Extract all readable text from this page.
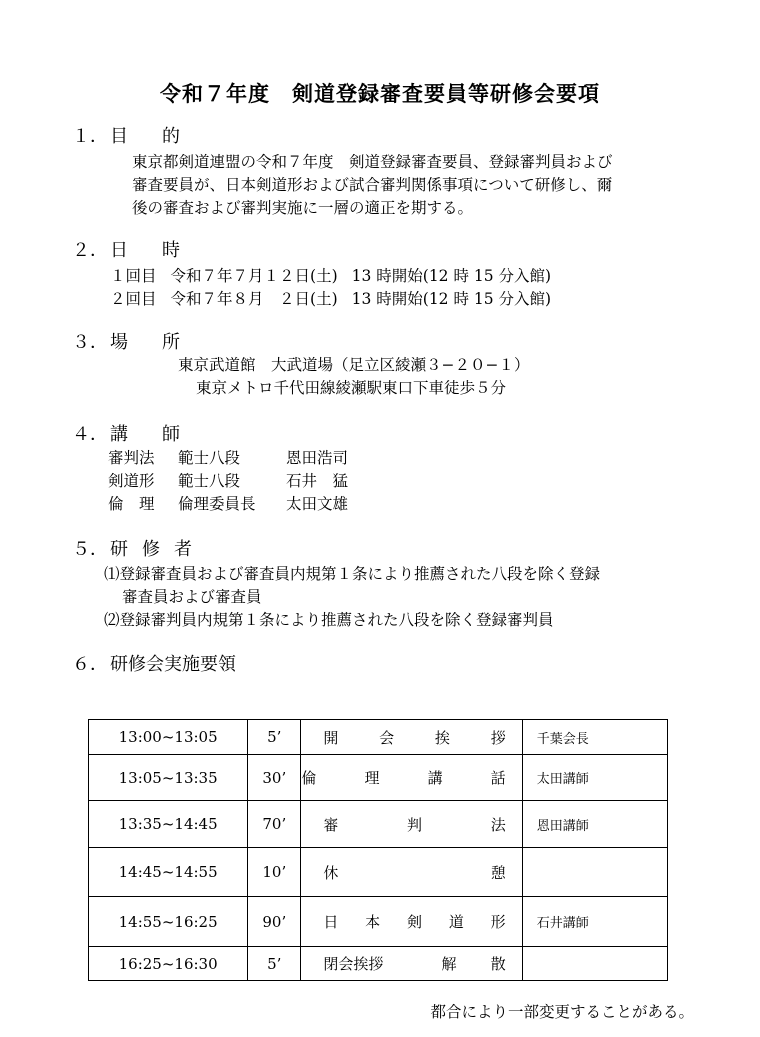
令和７年度　剣道登録審査要員等研修会要項
１． 目 的
東京都剣道連盟の令和７年度　剣道登録審査要員、登録審判員および
審査要員が、日本剣道形および試合審判関係事項について研修し、爾
後の審査および審判実施に一層の適正を期する。
２． 日 時
１回目 令和７年７月１２日(土) 13 時開始(12 時 15 分入館)
２回目 令和７年８月　２日(土) 13 時開始(12 時 15 分入館)
３． 場 所
東京武道館　大武道場（足立区綾瀬３−２０−１）
東京メトロ千代田線綾瀬駅東口下車徒歩５分
４． 講 師
審判法 範士八段	恩田浩司
剣道形 範士八段	石井　猛
倫　理 倫理委員長 太田文雄
５． 研 修 者
⑴登録審査員および審査員内規第１条により推薦された八段を除く登録
審査員および審査員
⑵登録審判員内規第１条により推薦された八段を除く登録審判員
６． 研修会実施要領
13:00~13:05	5’	開 会 挨 拶	千葉会長
13:05~13:35	30’	倫 理 講 話	太田講師
13:35~14:45	70’	審 判 法	恩田講師
14:45~14:55	10’	休 憩	

14:55~16:25	90’	日 本 剣 道 形	石井講師
16:25~16:30	5’	閉会挨拶 解 散	

都合により一部変更することがある。
